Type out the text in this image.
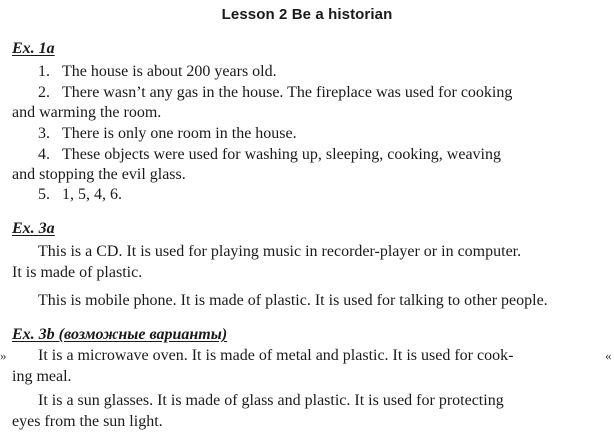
Lesson 2 Be a historian
Ex. 1a
1. The house is about 200 years old.
2. There wasn’t any gas in the house. The fireplace was used for cooking
and warming the room.
3. There is only one room in the house.
4. These objects were used for washing up, sleeping, cooking, weaving
and stopping the evil glass.
5. 1, 5, 4, 6.
Ex. 3a
This is a CD. It is used for playing music in recorder-player or in computer.
It is made of plastic.
This is mobile phone. It is made of plastic. It is used for talking to other people.
Ex. 3b (возможные варианты)
» It is a microwave oven. It is made of metal and plastic. It is used for cook-	«
ing meal.
It is a sun glasses. It is made of glass and plastic. It is used for protecting
eyes from the sun light.
